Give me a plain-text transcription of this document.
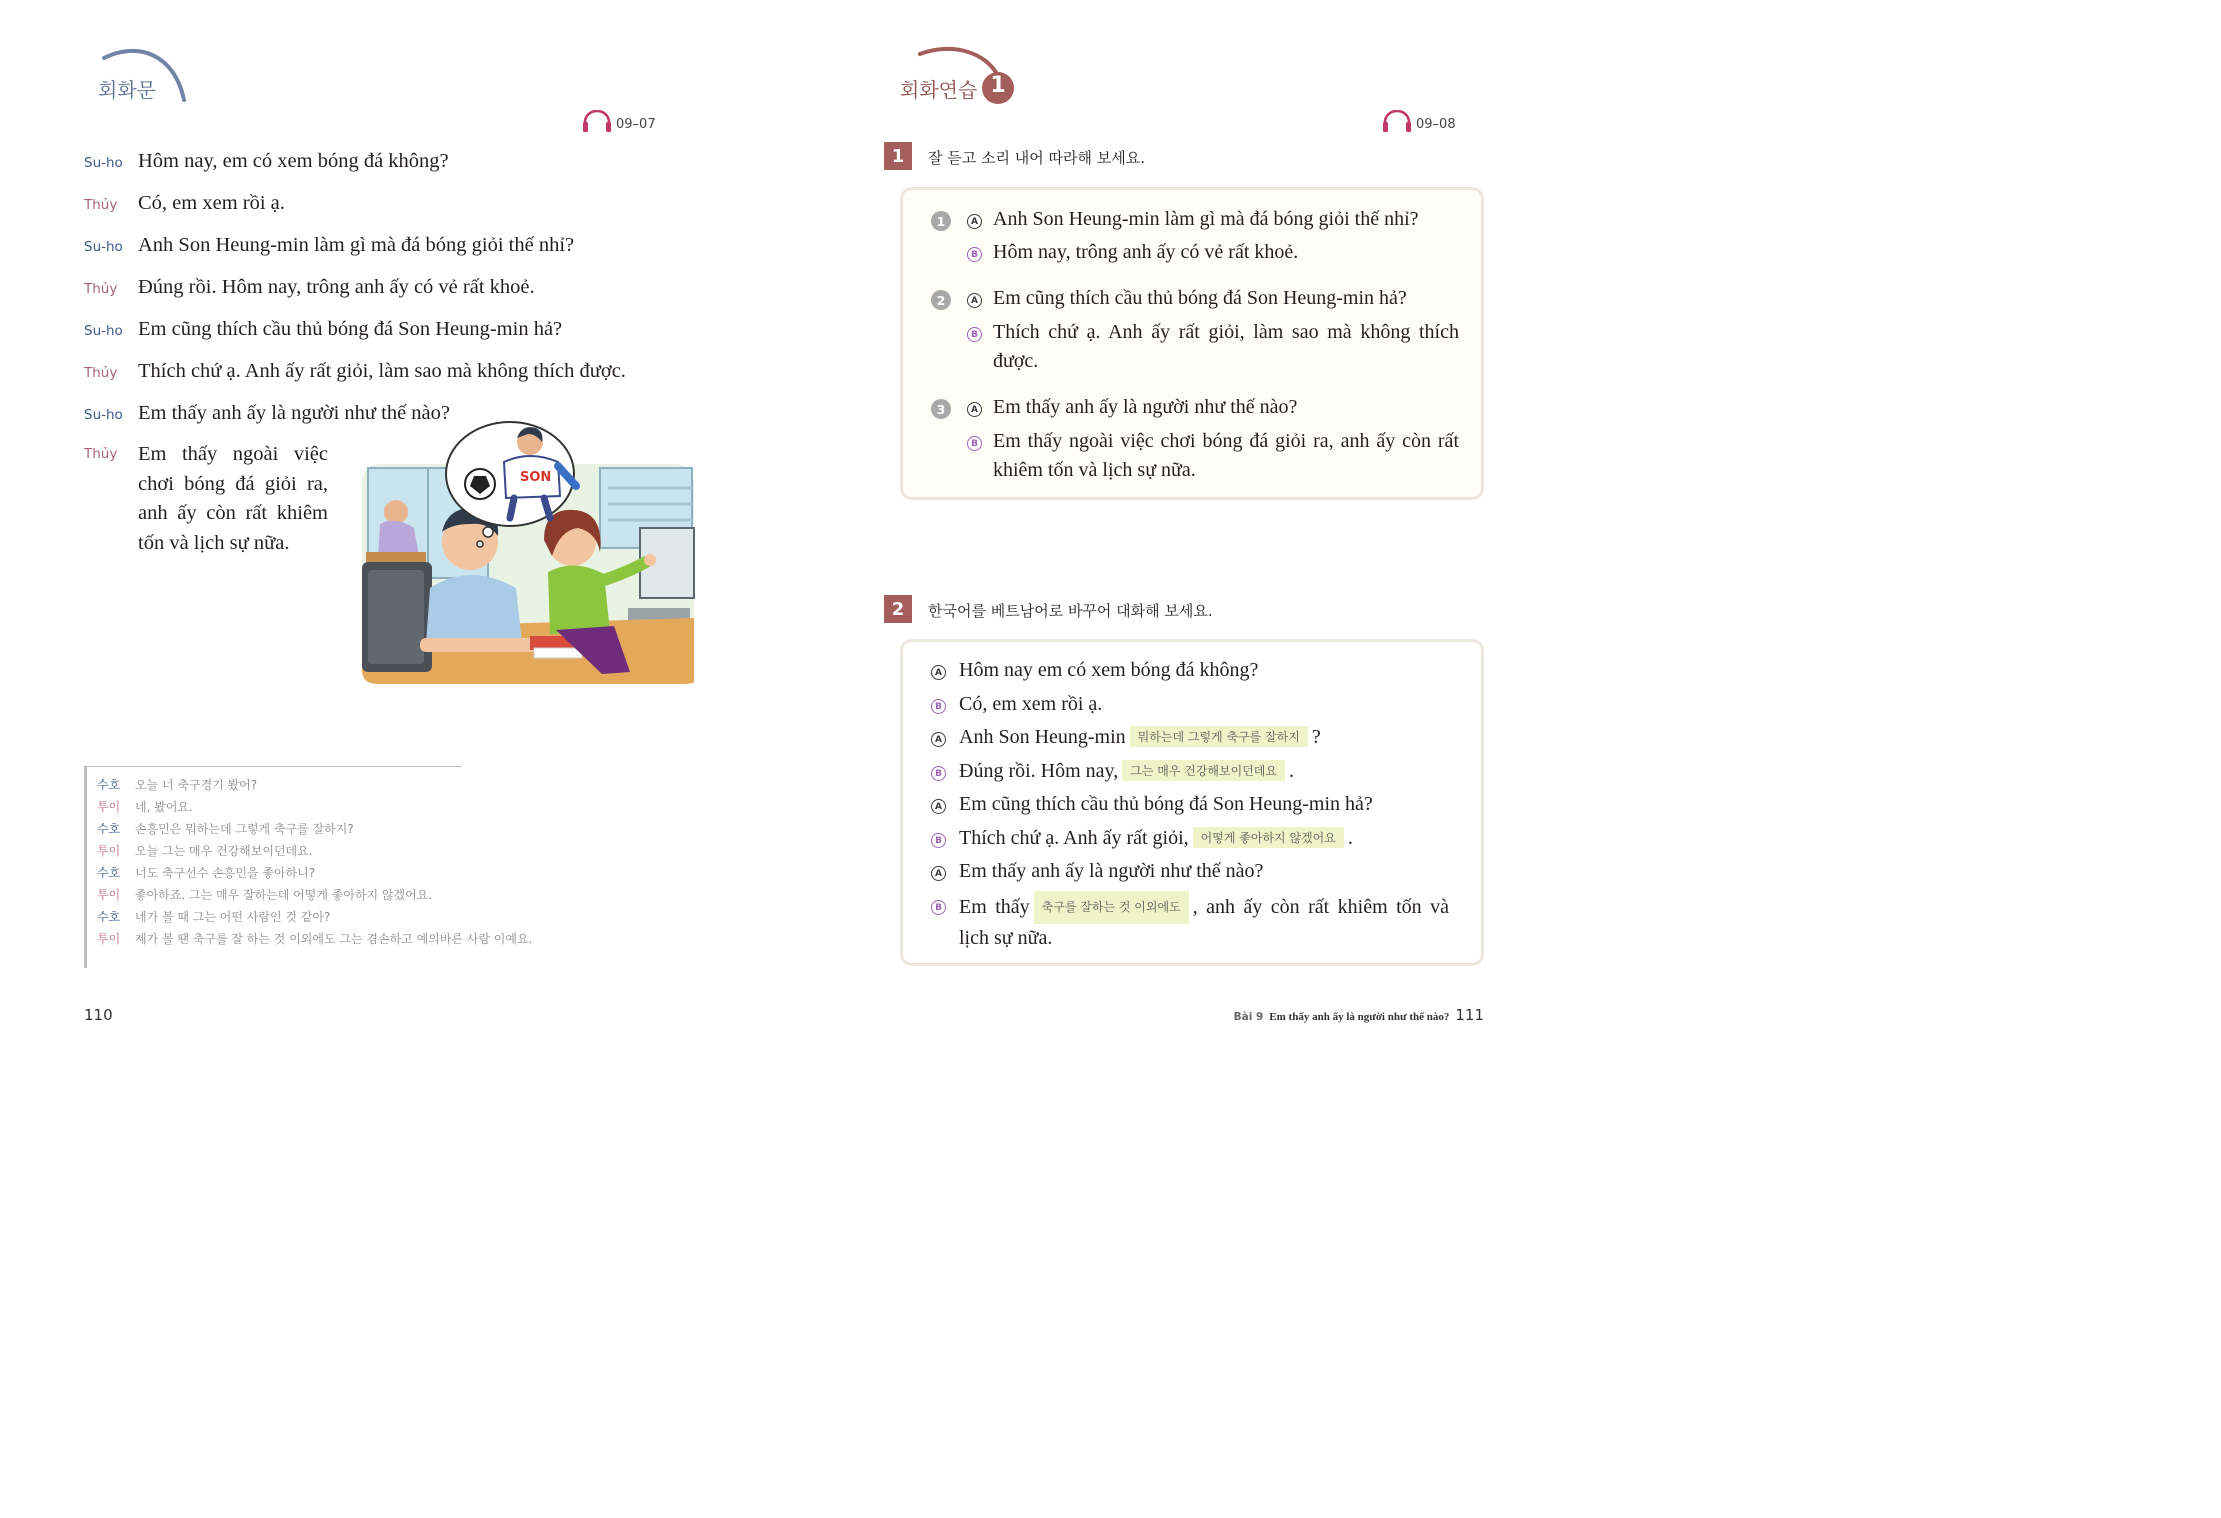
회화문
09–07
Su-ho Hôm nay, em có xem bóng đá không?
Thủy	Có, em xem rồi ạ.
Su-ho Anh Son Heung-min làm gì mà đá bóng giỏi thế nhỉ?
Thủy	Đúng rồi. Hôm nay, trông anh ấy có vẻ rất khoẻ.
Su-ho Em cũng thích cầu thủ bóng đá Son Heung-min hả?
Thủy	Thích chứ ạ. Anh ấy rất giỏi, làm sao mà không thích được.
Su-ho Em thấy anh ấy là người như thế nào?
Thủy	Em thấy ngoài việc chơi bóng đá giỏi ra, anh ấy còn rất khiêm tốn và lịch sự nữa.
SON
수호	오늘 너 축구경기 봤어?
투이	네, 봤어요.
수호	손흥민은 뭐하는데 그렇게 축구를 잘하지?
투이	오늘 그는 매우 건강해보이던데요.
수호	너도 축구선수 손흥민을 좋아하니?
투이	좋아하죠. 그는 매우 잘하는데 어떻게 좋아하지 않겠어요.
수호	네가 볼 때 그는 어떤 사람인 것 같아?
투이	제가 볼 땐 축구를 잘 하는 것 이외에도 그는 겸손하고 예의바른 사람 이예요.
110
회화연습 1
09–08
1	잘 듣고 소리 내어 따라해 보세요.
1	A Anh Son Heung-min làm gì mà đá bóng giỏi thế nhỉ?
B Hôm nay, trông anh ấy có vẻ rất khoẻ.
2	A Em cũng thích cầu thủ bóng đá Son Heung-min hả?
B Thích chứ ạ. Anh ấy rất giỏi, làm sao mà không thích được.
3	A Em thấy anh ấy là người như thế nào?
B Em thấy ngoài việc chơi bóng đá giỏi ra, anh ấy còn rất khiêm tốn và lịch sự nữa.
2	한국어를 베트남어로 바꾸어 대화해 보세요.
A Hôm nay em có xem bóng đá không?
B Có, em xem rồi ạ.
A Anh Son Heung-min 뭐하는데 그렇게 축구를 잘하지 ?
B Đúng rồi. Hôm nay, 그는 매우 건강해보이던데요 .
A Em cũng thích cầu thủ bóng đá Son Heung-min hả?
B Thích chứ ạ. Anh ấy rất giỏi, 어떻게 좋아하지 않겠어요 .
A Em thấy anh ấy là người như thế nào?
B Em thấy 축구를 잘하는 것 이외에도 , anh ấy còn rất khiêm tốn và lịch sự nữa.
Bài 9 Em thấy anh ấy là người như thế nào? 111
